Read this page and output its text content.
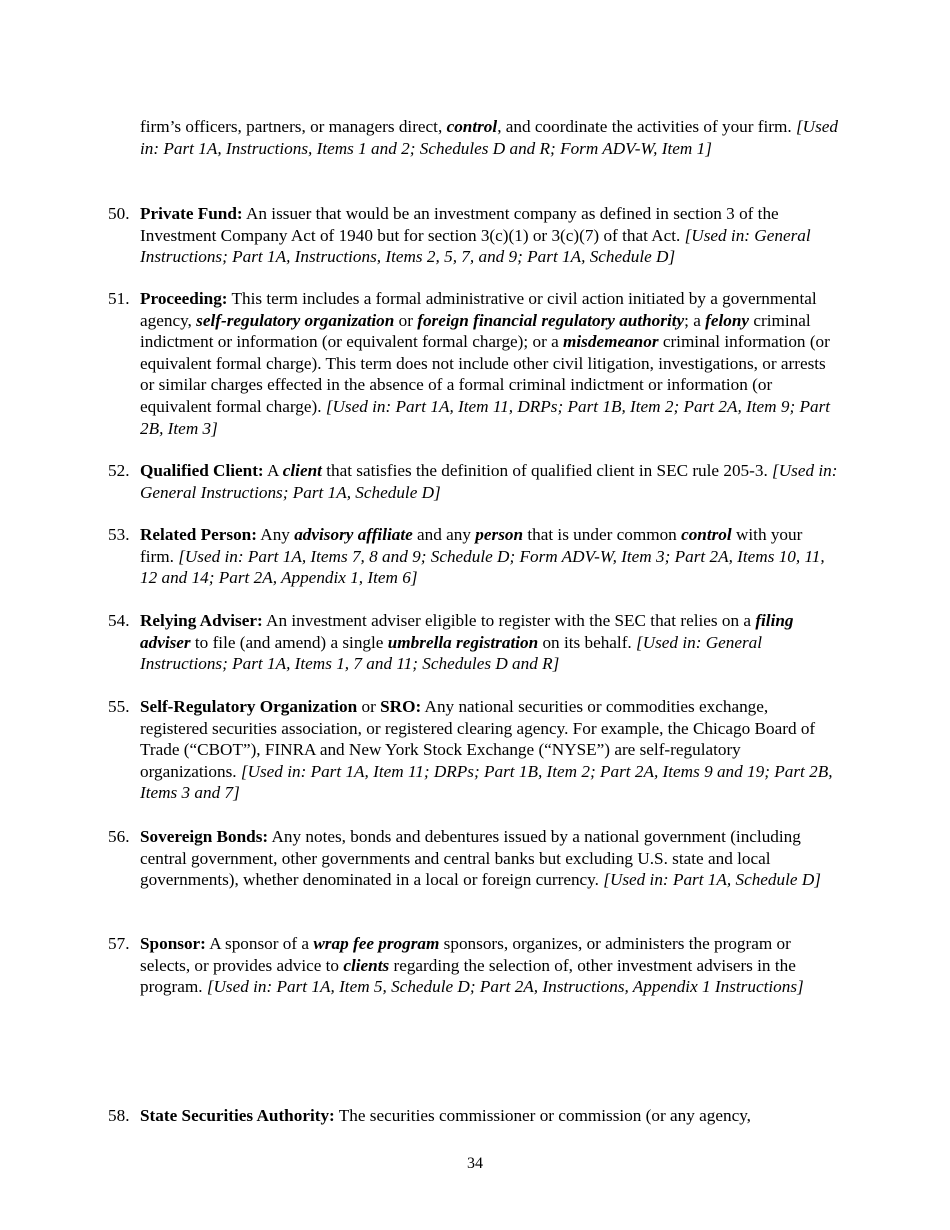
firm’s officers, partners, or managers direct, control, and coordinate the activities of your firm. [Used in: Part 1A, Instructions, Items 1 and 2; Schedules D and R; Form ADV-W, Item 1]

50. Private Fund: An issuer that would be an investment company as defined in section 3 of the Investment Company Act of 1940 but for section 3(c)(1) or 3(c)(7) of that Act. [Used in: General Instructions; Part 1A, Instructions, Items 2, 5, 7, and 9; Part 1A, Schedule D]
51. Proceeding: This term includes a formal administrative or civil action initiated by a governmental agency, self-regulatory organization or foreign financial regulatory authority; a felony criminal indictment or information (or equivalent formal charge); or a misdemeanor criminal information (or equivalent formal charge). This term does not include other civil litigation, investigations, or arrests or similar charges effected in the absence of a formal criminal indictment or information (or equivalent formal charge). [Used in: Part 1A, Item 11, DRPs; Part 1B, Item 2; Part 2A, Item 9; Part 2B, Item 3]
52. Qualified Client: A client that satisfies the definition of qualified client in SEC rule 205-3. [Used in: General Instructions; Part 1A, Schedule D]
53. Related Person: Any advisory affiliate and any person that is under common control with your firm. [Used in: Part 1A, Items 7, 8 and 9; Schedule D; Form ADV-W, Item 3; Part 2A, Items 10, 11, 12 and 14; Part 2A, Appendix 1, Item 6]
54. Relying Adviser: An investment adviser eligible to register with the SEC that relies on a filing adviser to file (and amend) a single umbrella registration on its behalf. [Used in: General Instructions; Part 1A, Items 1, 7 and 11; Schedules D and R]
55. Self-Regulatory Organization or SRO: Any national securities or commodities exchange, registered securities association, or registered clearing agency. For example, the Chicago Board of Trade (“CBOT”), FINRA and New York Stock Exchange (“NYSE”) are self-regulatory organizations. [Used in: Part 1A, Item 11; DRPs; Part 1B, Item 2; Part 2A, Items 9 and 19; Part 2B, Items 3 and 7]
56. Sovereign Bonds: Any notes, bonds and debentures issued by a national government (including central government, other governments and central banks but excluding U.S. state and local governments), whether denominated in a local or foreign currency. [Used in: Part 1A, Schedule D]
57. Sponsor: A sponsor of a wrap fee program sponsors, organizes, or administers the program or selects, or provides advice to clients regarding the selection of, other investment advisers in the program. [Used in: Part 1A, Item 5, Schedule D; Part 2A, Instructions, Appendix 1 Instructions]
58. State Securities Authority: The securities commissioner or commission (or any agency,
34
